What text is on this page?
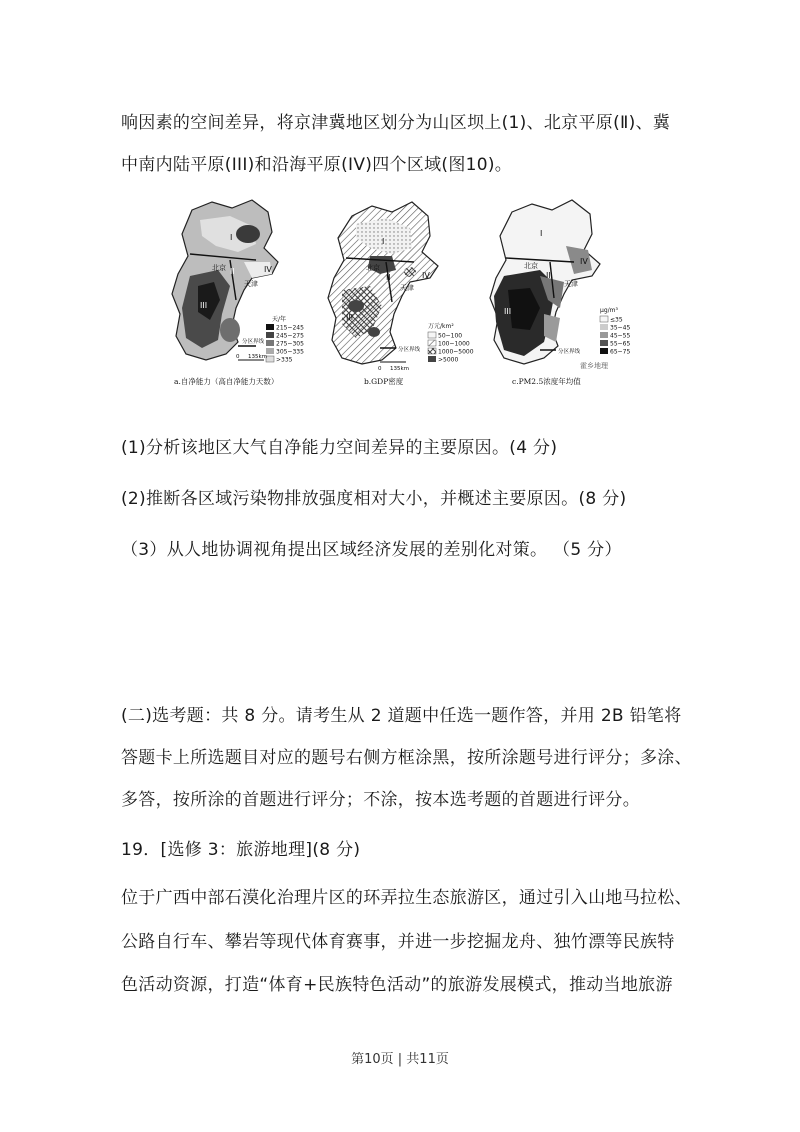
响因素的空间差异，将京津冀地区划分为山区坝上(1)、北京平原(Ⅱ)、冀
中南内陆平原(III)和沿海平原(IV)四个区域(图10)。
天/年
215~245
245~275
275~305
305~335
>335
分区界线
0 135km
I
II
III
IV
北京
天津
a.自净能力（高自净能力天数）
万元/km²
50~100
100~1000
1000~5000
>5000
分区界线
0 135km
I
II
III
IV
北京
天津
b.GDP密度
μg/m³
≤35
35~45
45~55
55~65
65~75
分区界线
I
II
III
IV
北京
天津
霍乡地理
c.PM2.5浓度年均值
(1)分析该地区大气自净能力空间差异的主要原因。(4 分)
(2)推断各区域污染物排放强度相对大小，并概述主要原因。(8 分)
（3）从人地协调视角提出区域经济发展的差别化对策。 （5 分）
(二)选考题：共 8 分。请考生从 2 道题中任选一题作答，并用 2B 铅笔将
答题卡上所选题目对应的题号右侧方框涂黑，按所涂题号进行评分；多涂、
多答，按所涂的首题进行评分；不涂，按本选考题的首题进行评分。
19．[选修 3：旅游地理](8 分)
位于广西中部石漠化治理片区的环弄拉生态旅游区，通过引入山地马拉松、
公路自行车、攀岩等现代体育赛事，并进一步挖掘龙舟、独竹漂等民族特
色活动资源，打造“体育+民族特色活动”的旅游发展模式，推动当地旅游
第10页 | 共11页
